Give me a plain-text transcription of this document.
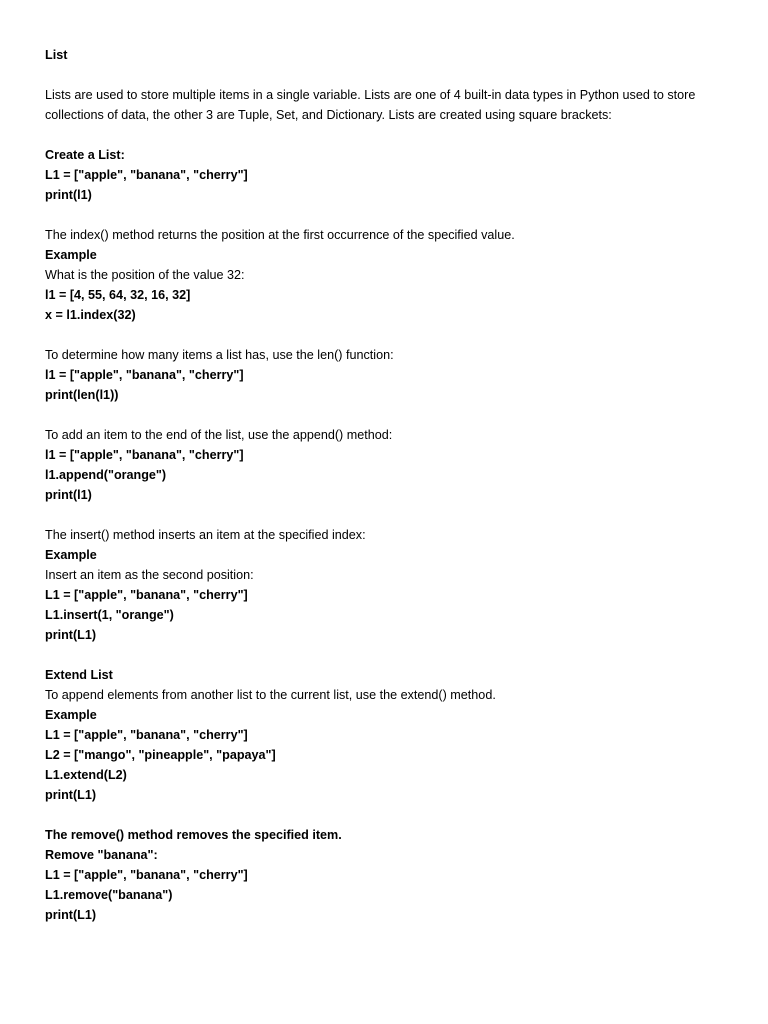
List
Lists are used to store multiple items in a single variable. Lists are one of 4 built-in data types in Python used to store collections of data, the other 3 are Tuple, Set, and Dictionary. Lists are created using square brackets:
Create a List:
L1 = ["apple", "banana", "cherry"]
print(l1)
The index() method returns the position at the first occurrence of the specified value.
Example
What is the position of the value 32:
l1 = [4, 55, 64, 32, 16, 32]
x = l1.index(32)
To determine how many items a list has, use the len() function:
l1 = ["apple", "banana", "cherry"]
print(len(l1))
To add an item to the end of the list, use the append() method:
l1 = ["apple", "banana", "cherry"]
l1.append("orange")
print(l1)
The insert() method inserts an item at the specified index:
Example
Insert an item as the second position:
L1 = ["apple", "banana", "cherry"]
L1.insert(1, "orange")
print(L1)
Extend List
To append elements from another list to the current list, use the extend() method.
Example
L1 = ["apple", "banana", "cherry"]
L2 = ["mango", "pineapple", "papaya"]
L1.extend(L2)
print(L1)
The remove() method removes the specified item.
Remove "banana":
L1 = ["apple", "banana", "cherry"]
L1.remove("banana")
print(L1)
